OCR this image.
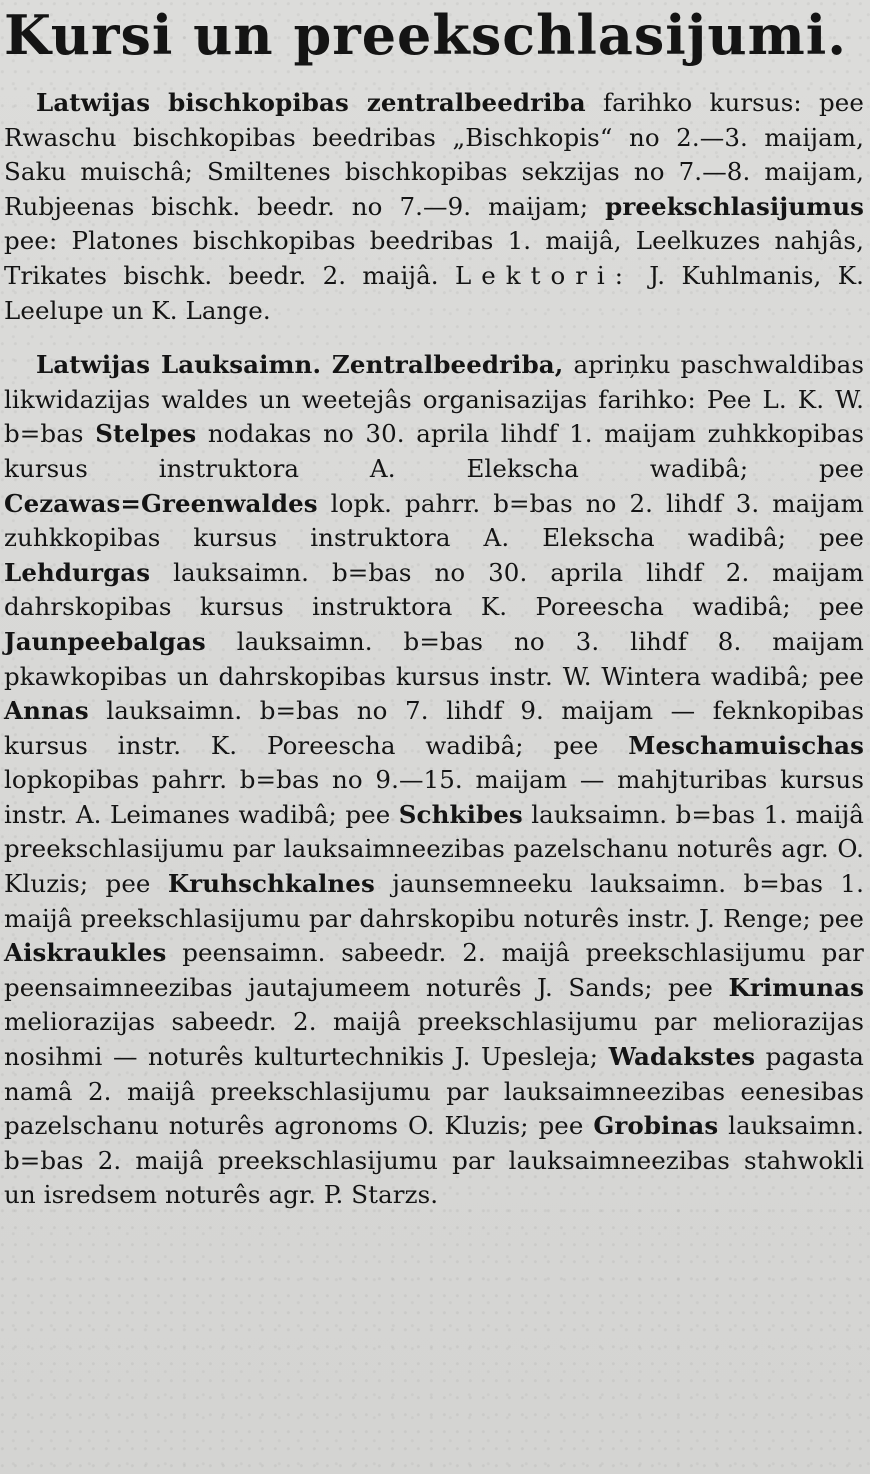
Kursi un preekschlasijumi.

Latwijas bischkopibas zentralbeedriba farihko kursus: pee Rwaschu bischkopibas beedribas „Bischkopis“ no 2.—3. maijam, Saku muischâ; Smiltenes bischkopibas sekzijas no 7.—8. maijam, Rubjeenas bischk. beedr. no 7.—9. maijam; preekschlasijumus pee: Platones bischkopibas beedribas 1. maijâ, Leelkuzes nahjâs, Trikates bischk. beedr. 2. maijâ. Lektori: J. Kuhlmanis, K. Leelupe un K. Lange.

Latwijas Lauksaimn. Zentralbeedriba, apriņku paschwaldibas likwidazijas waldes un weetejâs organisazijas farihko: Pee L. K. W. b=bas Stelpes nodakas no 30. aprila lihdf 1. maijam zuhkkopibas kursus instruktora A. Elekscha wadibâ; pee Cezawas=Greenwaldes lopk. pahrr. b=bas no 2. lihdf 3. maijam zuhkkopibas kursus instruktora A. Elekscha wadibâ; pee Lehdurgas lauksaimn. b=bas no 30. aprila lihdf 2. maijam dahrskopibas kursus instruktora K. Poreescha wadibâ; pee Jaunpeebalgas lauksaimn. b=bas no 3. lihdf 8. maijam pkawkopibas un dahrskopibas kursus instr. W. Wintera wadibâ; pee Annas lauksaimn. b=bas no 7. lihdf 9. maijam — feknkopibas kursus instr. K. Poreescha wadibâ; pee Meschamuischas lopkopibas pahrr. b=bas no 9.—15. maijam — mahjturibas kursus instr. A. Leimanes wadibâ; pee Schkibes lauksaimn. b=bas 1. maijâ preekschlasijumu par lauksaimneezibas pazelschanu noturês agr. O. Kluzis; pee Kruhschkalnes jaunsemneeku lauksaimn. b=bas 1. maijâ preekschlasijumu par dahrskopibu noturês instr. J. Renge; pee Aiskraukles peensaimn. sabeedr. 2. maijâ preekschlasijumu par peensaimneezibas jautajumeem noturês J. Sands; pee Krimunas meliorazijas sabeedr. 2. maijâ preekschlasijumu par meliorazijas nosihmi — noturês kulturtechnikis J. Upesleja; Wadakstes pagasta namâ 2. maijâ preekschlasijumu par lauksaimneezibas eenesibas pazelschanu noturês agronoms O. Kluzis; pee Grobinas lauksaimn. b=bas 2. maijâ preekschlasijumu par lauksaimneezibas stahwokli un isredsem noturês agr. P. Starzs.
